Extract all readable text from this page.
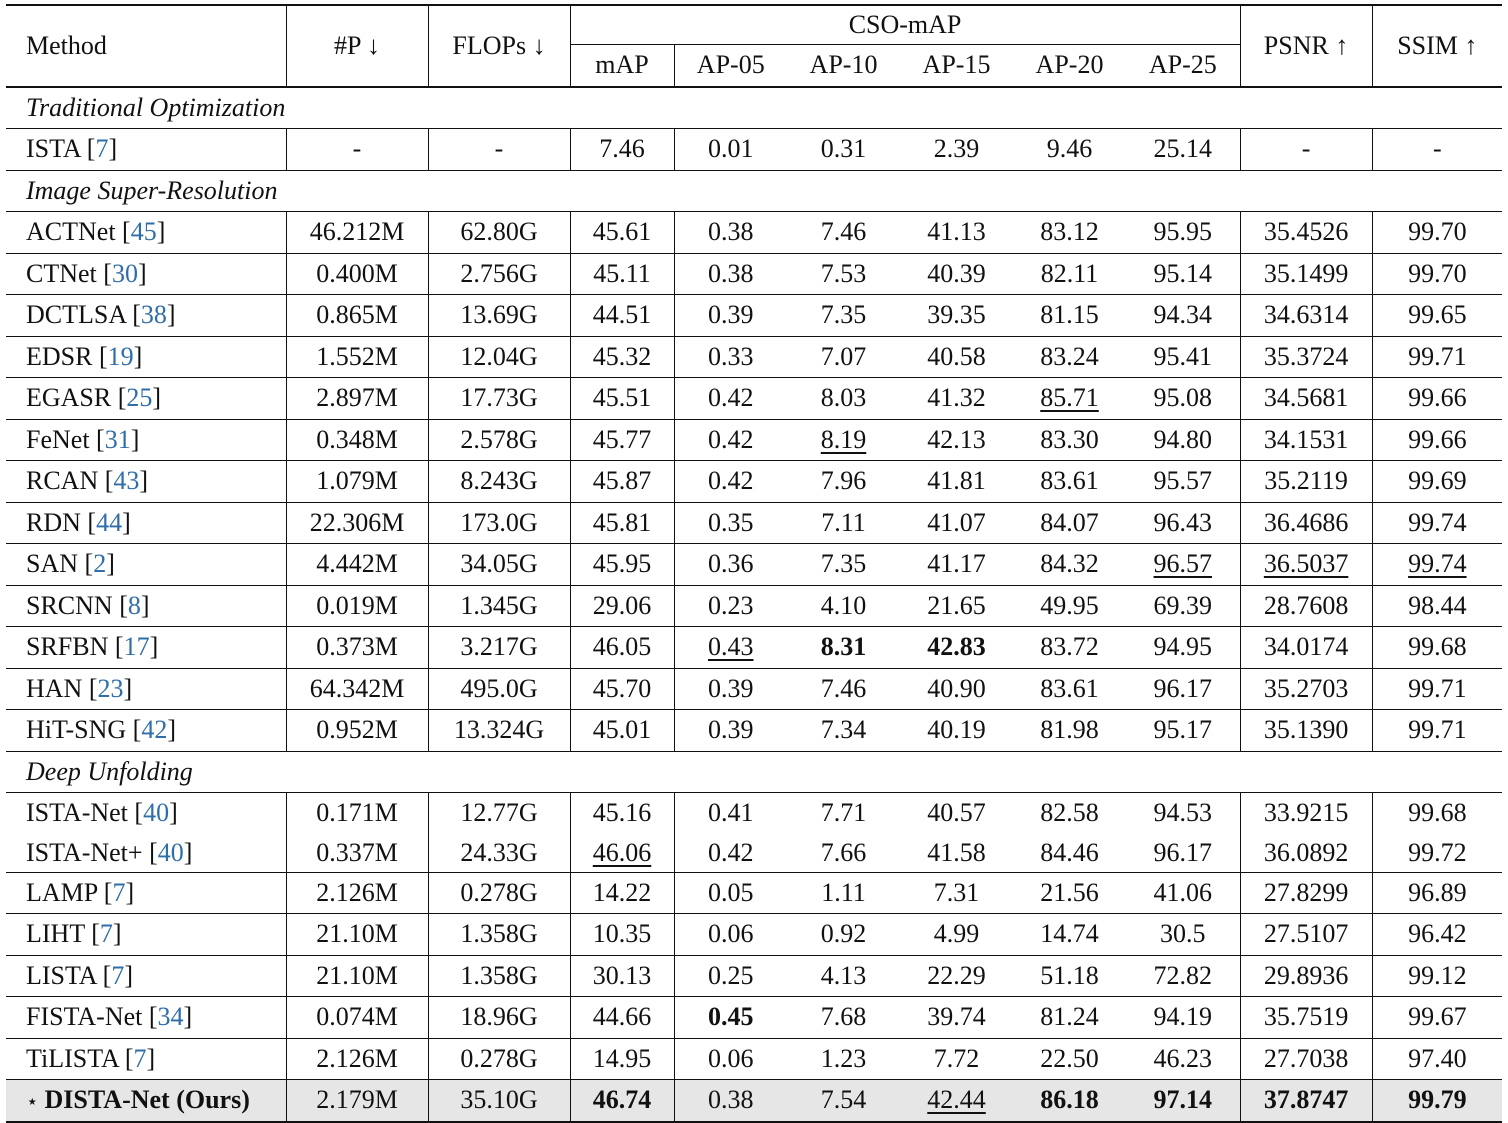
Method	#P ↓	FLOPs ↓	CSO-mAP						PSNR ↑	SSIM ↑
			mAP	AP-05	AP-10	AP-15	AP-20	AP-25		
Traditional Optimization										
ISTA [7]	-	-	7.46	0.01	0.31	2.39	9.46	25.14	-	-
Image Super-Resolution										
ACTNet [45]	46.212M	62.80G	45.61	0.38	7.46	41.13	83.12	95.95	35.4526	99.70
CTNet [30]	0.400M	2.756G	45.11	0.38	7.53	40.39	82.11	95.14	35.1499	99.70
DCTLSA [38]	0.865M	13.69G	44.51	0.39	7.35	39.35	81.15	94.34	34.6314	99.65
EDSR [19]	1.552M	12.04G	45.32	0.33	7.07	40.58	83.24	95.41	35.3724	99.71
EGASR [25]	2.897M	17.73G	45.51	0.42	8.03	41.32	85.71	95.08	34.5681	99.66
FeNet [31]	0.348M	2.578G	45.77	0.42	8.19	42.13	83.30	94.80	34.1531	99.66
RCAN [43]	1.079M	8.243G	45.87	0.42	7.96	41.81	83.61	95.57	35.2119	99.69
RDN [44]	22.306M	173.0G	45.81	0.35	7.11	41.07	84.07	96.43	36.4686	99.74
SAN [2]	4.442M	34.05G	45.95	0.36	7.35	41.17	84.32	96.57	36.5037	99.74
SRCNN [8]	0.019M	1.345G	29.06	0.23	4.10	21.65	49.95	69.39	28.7608	98.44
SRFBN [17]	0.373M	3.217G	46.05	0.43	8.31	42.83	83.72	94.95	34.0174	99.68
HAN [23]	64.342M	495.0G	45.70	0.39	7.46	40.90	83.61	96.17	35.2703	99.71
HiT-SNG [42]	0.952M	13.324G	45.01	0.39	7.34	40.19	81.98	95.17	35.1390	99.71
Deep Unfolding										
ISTA-Net [40]	0.171M	12.77G	45.16	0.41	7.71	40.57	82.58	94.53	33.9215	99.68
ISTA-Net+ [40]	0.337M	24.33G	46.06	0.42	7.66	41.58	84.46	96.17	36.0892	99.72
LAMP [7]	2.126M	0.278G	14.22	0.05	1.11	7.31	21.56	41.06	27.8299	96.89
LIHT [7]	21.10M	1.358G	10.35	0.06	0.92	4.99	14.74	30.5	27.5107	96.42
LISTA [7]	21.10M	1.358G	30.13	0.25	4.13	22.29	51.18	72.82	29.8936	99.12
FISTA-Net [34]	0.074M	18.96G	44.66	0.45	7.68	39.74	81.24	94.19	35.7519	99.67
TiLISTA [7]	2.126M	0.278G	14.95	0.06	1.23	7.72	22.50	46.23	27.7038	97.40
⋆ DISTA-Net (Ours)	2.179M	35.10G	46.74	0.38	7.54	42.44	86.18	97.14	37.8747	99.79
